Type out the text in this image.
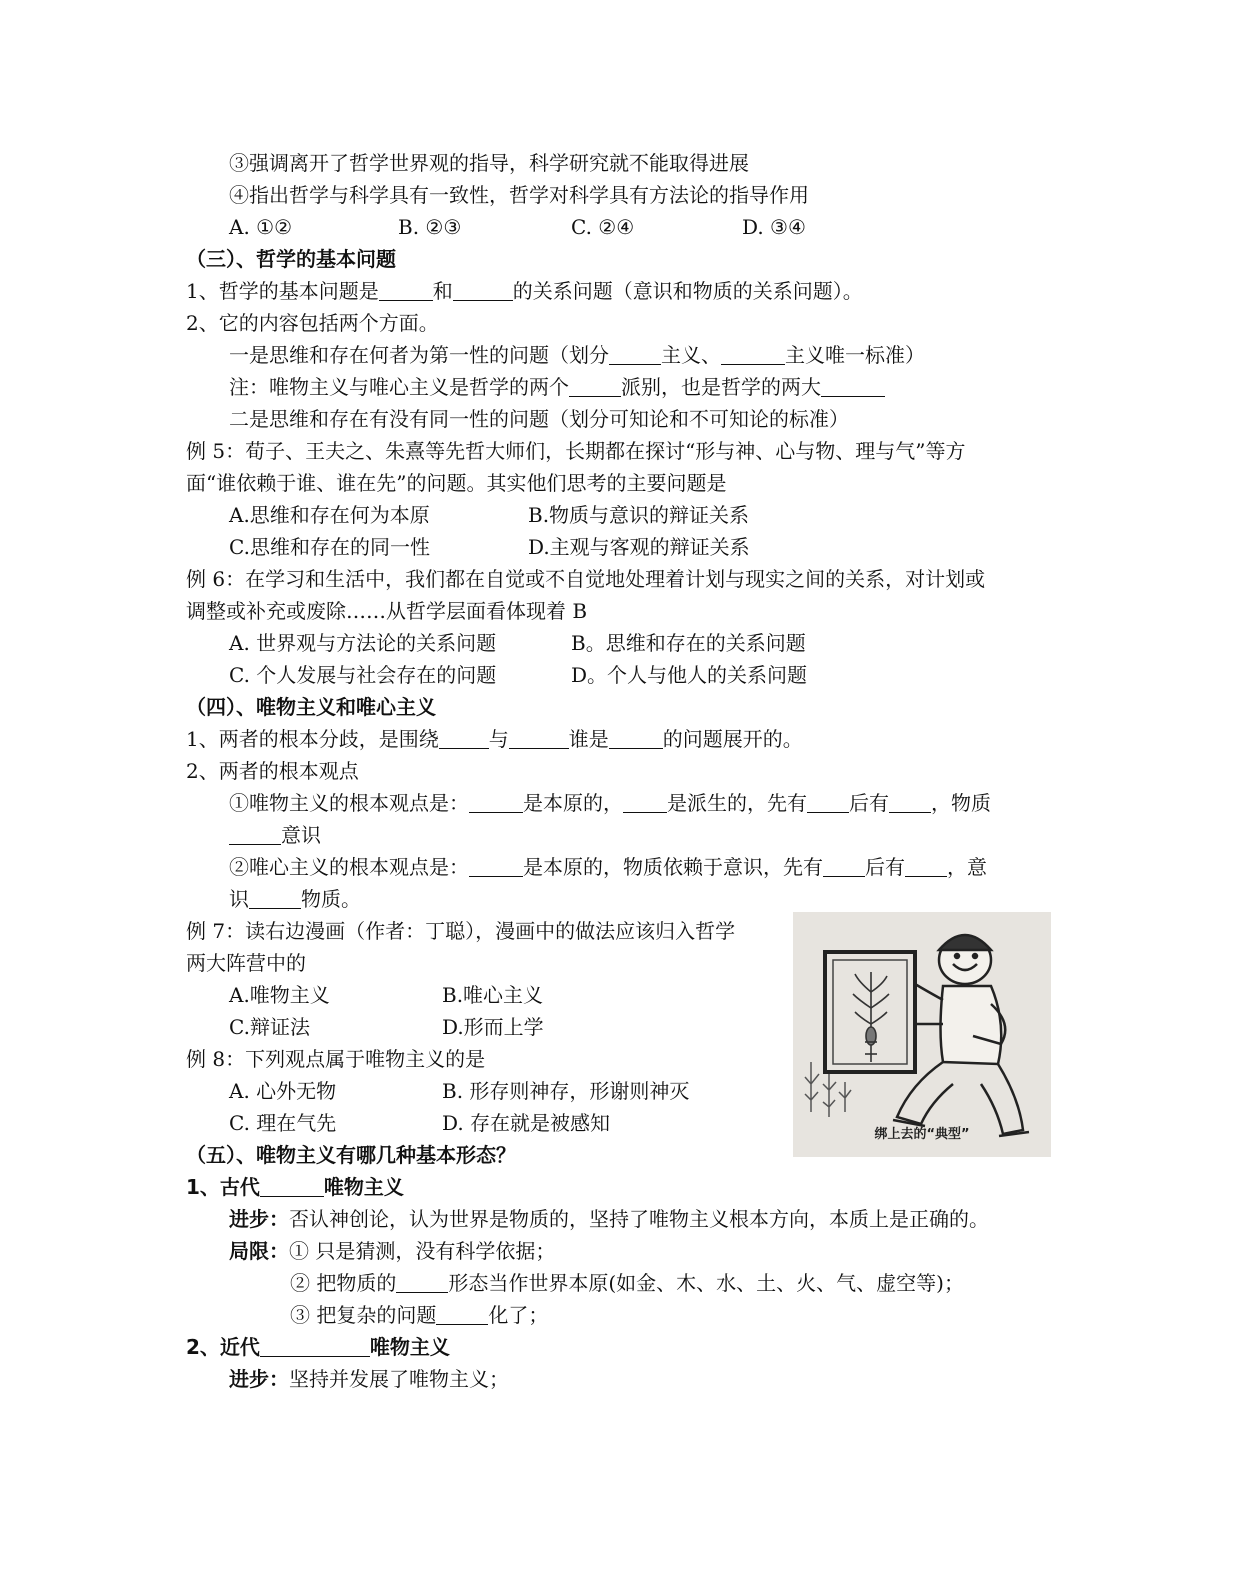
③强调离开了哲学世界观的指导，科学研究就不能取得进展
④指出哲学与科学具有一致性，哲学对科学具有方法论的指导作用
A. ①②	B. ②③	C. ②④	D. ③④
（三）、哲学的基本问题
1、哲学的基本问题是	和	的关系问题（意识和物质的关系问题）。
2、它的内容包括两个方面。
一是思维和存在何者为第一性的问题（划分	主义、	主义唯一标准）
注：唯物主义与唯心主义是哲学的两个	派别，也是哲学的两大
二是思维和存在有没有同一性的问题（划分可知论和不可知论的标准）
例 5：荀子、王夫之、朱熹等先哲大师们，长期都在探讨“形与神、心与物、理与气”等方
面“谁依赖于谁、谁在先”的问题。其实他们思考的主要问题是
A.思维和存在何为本原	B.物质与意识的辩证关系
C.思维和存在的同一性	D.主观与客观的辩证关系
例 6：在学习和生活中，我们都在自觉或不自觉地处理着计划与现实之间的关系，对计划或
调整或补充或废除……从哲学层面看体现着 B
A. 世界观与方法论的关系问题	B。思维和存在的关系问题
C. 个人发展与社会存在的问题	D。个人与他人的关系问题
（四）、唯物主义和唯心主义
1、两者的根本分歧，是围绕	与	谁是	的问题展开的。
2、两者的根本观点
①唯物主义的根本观点是：	是本原的， 是派生的，先有 后有 ，物质
意识
②唯心主义的根本观点是：	是本原的，物质依赖于意识，先有 后有 ，意
识	物质。
例 7：读右边漫画（作者：丁聪），漫画中的做法应该归入哲学
两大阵营中的
A.唯物主义	B.唯心主义
C.辩证法	D.形而上学
例 8：下列观点属于唯物主义的是
A. 心外无物	B. 形存则神存，形谢则神灭
C. 理在气先	D. 存在就是被感知	绑上去的“典型”
（五）、唯物主义有哪几种基本形态？
1、古代	唯物主义
进步：否认神创论，认为世界是物质的，坚持了唯物主义根本方向，本质上是正确的。
局限：① 只是猜测，没有科学依据；
② 把物质的	形态当作世界本原(如金、木、水、土、火、气、虚空等)；
③ 把复杂的问题	化了；
2、近代	唯物主义
进步：坚持并发展了唯物主义；
